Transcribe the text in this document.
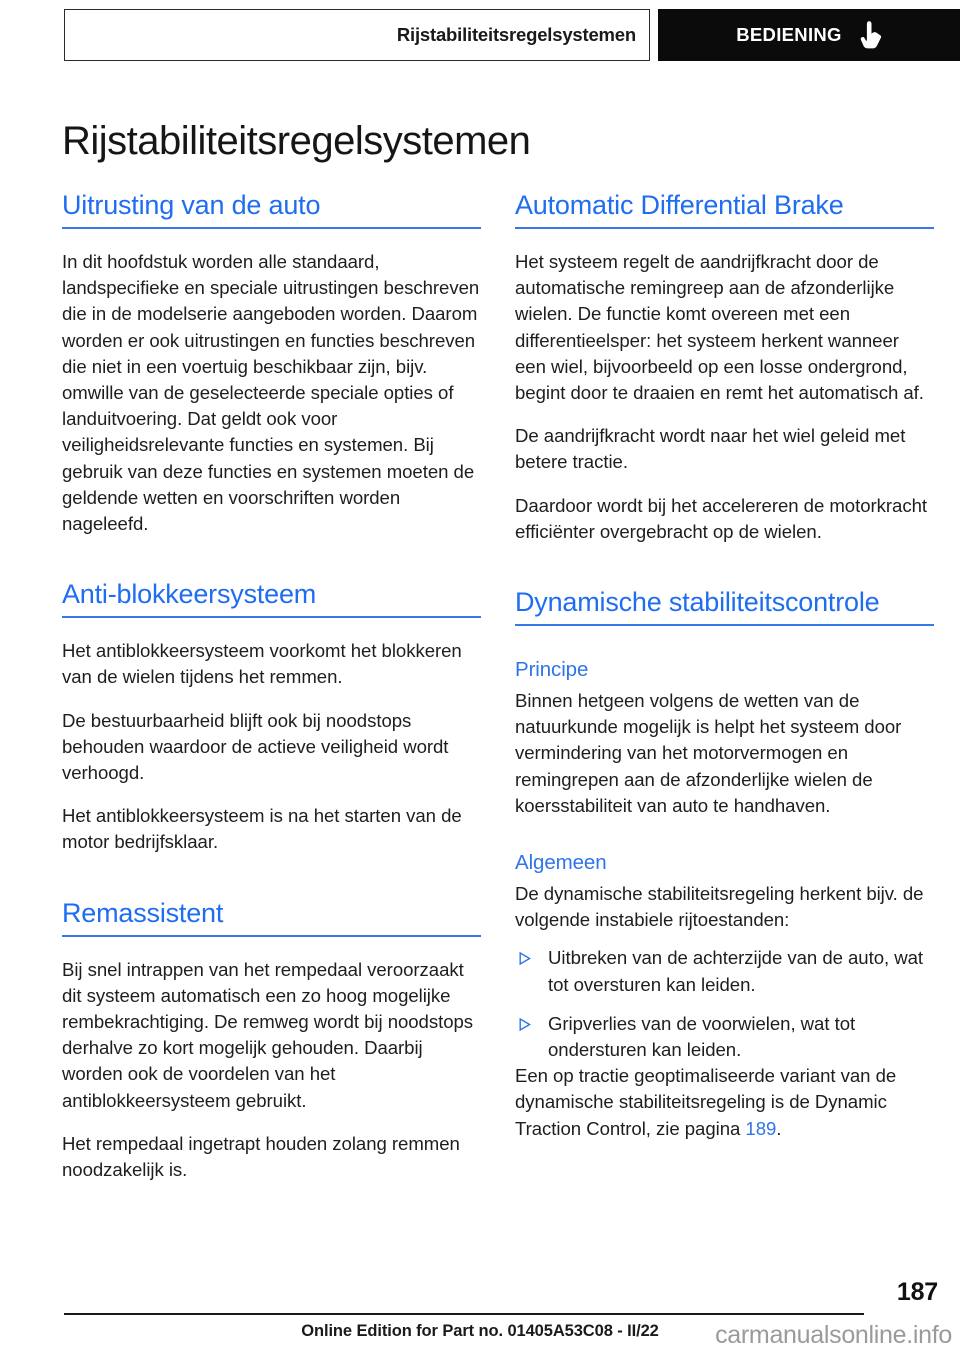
Rijstabiliteitsregelsystemen	BEDIENING
Rijstabiliteitsregelsystemen
Uitrusting van de auto

In dit hoofdstuk worden alle standaard, landspecifieke en speciale uitrustingen beschreven die in de modelserie aangeboden worden. Daarom worden er ook uitrustingen en functies beschreven die niet in een voertuig beschikbaar zijn, bijv. omwille van de geselecteerde speciale opties of landuitvoering. Dat geldt ook voor veiligheidsrelevante functies en systemen. Bij gebruik van deze functies en systemen moeten de geldende wetten en voorschriften worden nageleefd.

Anti-blokkeersysteem

Het antiblokkeersysteem voorkomt het blokkeren van de wielen tijdens het remmen.

De bestuurbaarheid blijft ook bij noodstops behouden waardoor de actieve veiligheid wordt verhoogd.

Het antiblokkeersysteem is na het starten van de motor bedrijfsklaar.

Remassistent

Bij snel intrappen van het rempedaal veroorzaakt dit systeem automatisch een zo hoog mogelijke rembekrachtiging. De remweg wordt bij noodstops derhalve zo kort mogelijk gehouden. Daarbij worden ook de voordelen van het antiblokkeersysteem gebruikt.

Het rempedaal ingetrapt houden zolang remmen noodzakelijk is.

Automatic Differential Brake

Het systeem regelt de aandrijfkracht door de automatische remingreep aan de afzonderlijke wielen. De functie komt overeen met een differentieelsper: het systeem herkent wanneer een wiel, bijvoorbeeld op een losse ondergrond, begint door te draaien en remt het automatisch af.

De aandrijfkracht wordt naar het wiel geleid met betere tractie.

Daardoor wordt bij het accelereren de motorkracht efficiënter overgebracht op de wielen.

Dynamische stabiliteitscontrole
Principe

Binnen hetgeen volgens de wetten van de natuurkunde mogelijk is helpt het systeem door vermindering van het motorvermogen en remingrepen aan de afzonderlijke wielen de koersstabiliteit van auto te handhaven.

Algemeen

De dynamische stabiliteitsregeling herkent bijv. de volgende instabiele rijtoestanden:

Uitbreken van de achterzijde van de auto, wat tot oversturen kan leiden.
Gripverlies van de voorwielen, wat tot ondersturen kan leiden.

Een op tractie geoptimaliseerde variant van de dynamische stabiliteitsregeling is de Dynamic Traction Control, zie pagina 189.

187
Online Edition for Part no. 01405A53C08 - II/22	carmanualsonline.info
